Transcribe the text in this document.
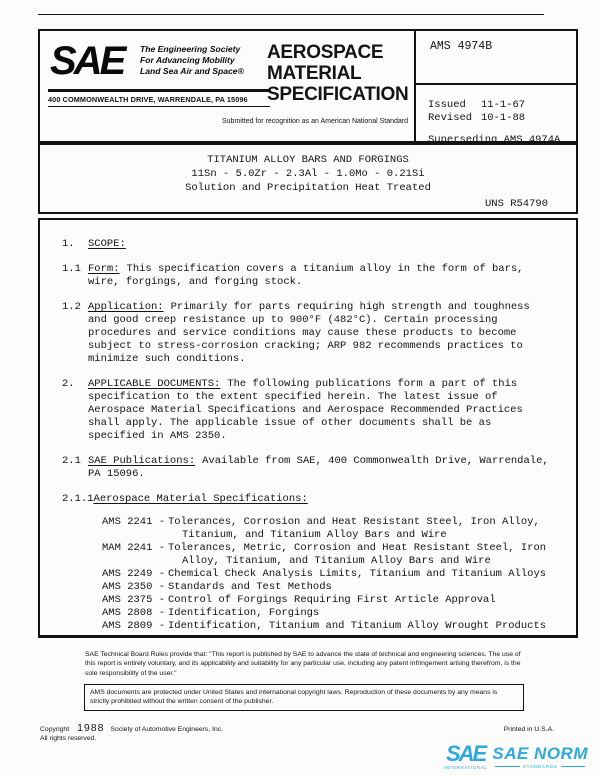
SAE The Engineering Society
For Advancing Mobility
Land Sea Air and Space®
400 COMMONWEALTH DRIVE, WARRENDALE, PA 15096
AEROSPACE
MATERIAL
SPECIFICATION
Submitted for recognition as an American National Standard
AMS 4974B
Issued 11-1-67
Revised 10-1-88
Superseding AMS 4974A
TITANIUM ALLOY BARS AND FORGINGS
11Sn - 5.0Zr - 2.3Al - 1.0Mo - 0.21Si
Solution and Precipitation Heat Treated
UNS R54790
1.	SCOPE:
1.1 Form: This specification covers a titanium alloy in the form of bars, wire, forgings, and forging stock.
1.2 Application: Primarily for parts requiring high strength and toughness and good creep resistance up to 900°F (482°C). Certain processing procedures and service conditions may cause these products to become subject to stress-corrosion cracking; ARP 982 recommends practices to minimize such conditions.
2.	APPLICABLE DOCUMENTS: The following publications form a part of this specification to the extent specified herein. The latest issue of Aerospace Material Specifications and Aerospace Recommended Practices shall apply. The applicable issue of other documents shall be as specified in AMS 2350.
2.1 SAE Publications: Available from SAE, 400 Commonwealth Drive, Warrendale, PA 15096.
2.1.1 Aerospace Material Specifications:
AMS 2241 - Tolerances, Corrosion and Heat Resistant Steel, Iron Alloy,
Titanium, and Titanium Alloy Bars and Wire
MAM 2241 - Tolerances, Metric, Corrosion and Heat Resistant Steel, Iron
Alloy, Titanium, and Titanium Alloy Bars and Wire
AMS 2249 - Chemical Check Analysis Limits, Titanium and Titanium Alloys
AMS 2350 - Standards and Test Methods
AMS 2375 - Control of Forgings Requiring First Article Approval
AMS 2808 - Identification, Forgings
AMS 2809 - Identification, Titanium and Titanium Alloy Wrought Products
SAE Technical Board Rules provide that: "This report is published by SAE to advance the state of technical and engineering sciences. The use of this report is entirely voluntary, and its applicability and suitability for any particular use, including any patent infringement arising therefrom, is the sole responsibility of the user."
AMS documents are protected under United States and international copyright laws. Reproduction of these documents by any means is strictly prohibited without the written consent of the publisher.
Copyright 1988 Society of Automotive Engineers, Inc.
All rights reserved.
Printed in U.S.A.
SAE
INTERNATIONAL
SAE NORM
STANDARDS
